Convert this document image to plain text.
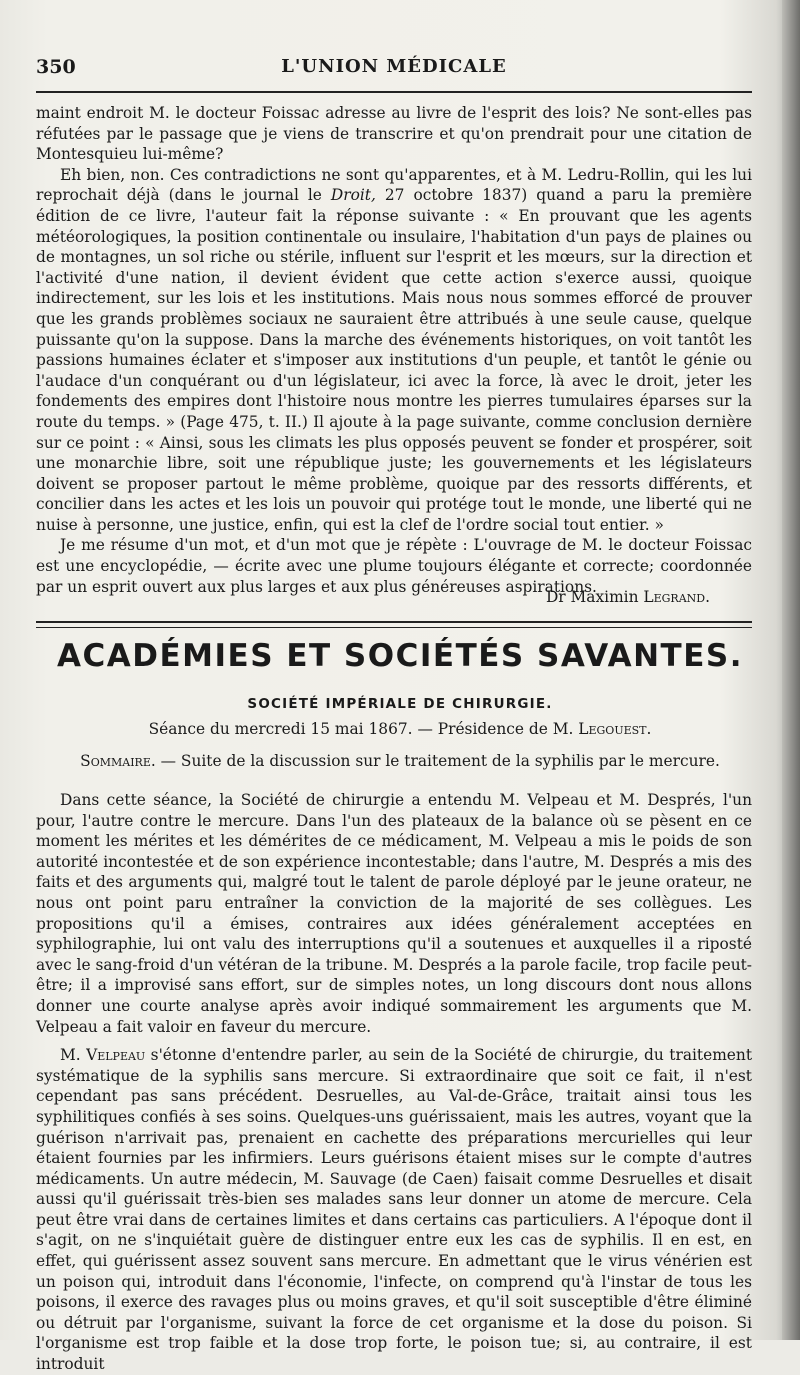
350	L'UNION MÉDICALE

maint endroit M. le docteur Foissac adresse au livre de l'esprit des lois? Ne sont-elles pas réfutées par le passage que je viens de transcrire et qu'on prendrait pour une citation de Montesquieu lui-même?

Eh bien, non. Ces contradictions ne sont qu'apparentes, et à M. Ledru-Rollin, qui les lui reprochait déjà (dans le journal le Droit, 27 octobre 1837) quand a paru la première édition de ce livre, l'auteur fait la réponse suivante : « En prouvant que les agents météorologiques, la position continentale ou insulaire, l'habitation d'un pays de plaines ou de montagnes, un sol riche ou stérile, influent sur l'esprit et les mœurs, sur la direction et l'activité d'une nation, il devient évident que cette action s'exerce aussi, quoique indirectement, sur les lois et les institutions. Mais nous nous sommes efforcé de prouver que les grands problèmes sociaux ne sauraient être attribués à une seule cause, quelque puissante qu'on la suppose. Dans la marche des événements historiques, on voit tantôt les passions humaines éclater et s'imposer aux institutions d'un peuple, et tantôt le génie ou l'audace d'un conquérant ou d'un législateur, ici avec la force, là avec le droit, jeter les fondements des empires dont l'histoire nous montre les pierres tumulaires éparses sur la route du temps. » (Page 475, t. II.) Il ajoute à la page suivante, comme conclusion dernière sur ce point : « Ainsi, sous les climats les plus opposés peuvent se fonder et prospérer, soit une monarchie libre, soit une république juste; les gouvernements et les législateurs doivent se proposer partout le même problème, quoique par des ressorts différents, et concilier dans les actes et les lois un pouvoir qui protége tout le monde, une liberté qui ne nuise à personne, une justice, enfin, qui est la clef de l'ordre social tout entier. »

Je me résume d'un mot, et d'un mot que je répète : L'ouvrage de M. le docteur Foissac est une encyclopédie, — écrite avec une plume toujours élégante et correcte; coordonnée par un esprit ouvert aux plus larges et aux plus généreuses aspirations.

Dr Maximin Legrand.
ACADÉMIES ET SOCIÉTÉS SAVANTES.
SOCIÉTÉ IMPÉRIALE DE CHIRURGIE.
Séance du mercredi 15 mai 1867. — Présidence de M. Legouest.
Sommaire. — Suite de la discussion sur le traitement de la syphilis par le mercure.

Dans cette séance, la Société de chirurgie a entendu M. Velpeau et M. Després, l'un pour, l'autre contre le mercure. Dans l'un des plateaux de la balance où se pèsent en ce moment les mérites et les démérites de ce médicament, M. Velpeau a mis le poids de son autorité incontestée et de son expérience incontestable; dans l'autre, M. Després a mis des faits et des arguments qui, malgré tout le talent de parole déployé par le jeune orateur, ne nous ont point paru entraîner la conviction de la majorité de ses collègues. Les propositions qu'il a émises, contraires aux idées généralement acceptées en syphilographie, lui ont valu des interruptions qu'il a soutenues et auxquelles il a riposté avec le sang-froid d'un vétéran de la tribune. M. Després a la parole facile, trop facile peut-être; il a improvisé sans effort, sur de simples notes, un long discours dont nous allons donner une courte analyse après avoir indiqué sommairement les arguments que M. Velpeau a fait valoir en faveur du mercure.

M. Velpeau s'étonne d'entendre parler, au sein de la Société de chirurgie, du traitement systématique de la syphilis sans mercure. Si extraordinaire que soit ce fait, il n'est cependant pas sans précédent. Desruelles, au Val-de-Grâce, traitait ainsi tous les syphilitiques confiés à ses soins. Quelques-uns guérissaient, mais les autres, voyant que la guérison n'arrivait pas, prenaient en cachette des préparations mercurielles qui leur étaient fournies par les infirmiers. Leurs guérisons étaient mises sur le compte d'autres médicaments. Un autre médecin, M. Sauvage (de Caen) faisait comme Desruelles et disait aussi qu'il guérissait très-bien ses malades sans leur donner un atome de mercure. Cela peut être vrai dans de certaines limites et dans certains cas particuliers. A l'époque dont il s'agit, on ne s'inquiétait guère de distinguer entre eux les cas de syphilis. Il en est, en effet, qui guérissent assez souvent sans mercure. En admettant que le virus vénérien est un poison qui, introduit dans l'économie, l'infecte, on comprend qu'à l'instar de tous les poisons, il exerce des ravages plus ou moins graves, et qu'il soit susceptible d'être éliminé ou détruit par l'organisme, suivant la force de cet organisme et la dose du poison. Si l'organisme est trop faible et la dose trop forte, le poison tue; si, au contraire, il est introduit
